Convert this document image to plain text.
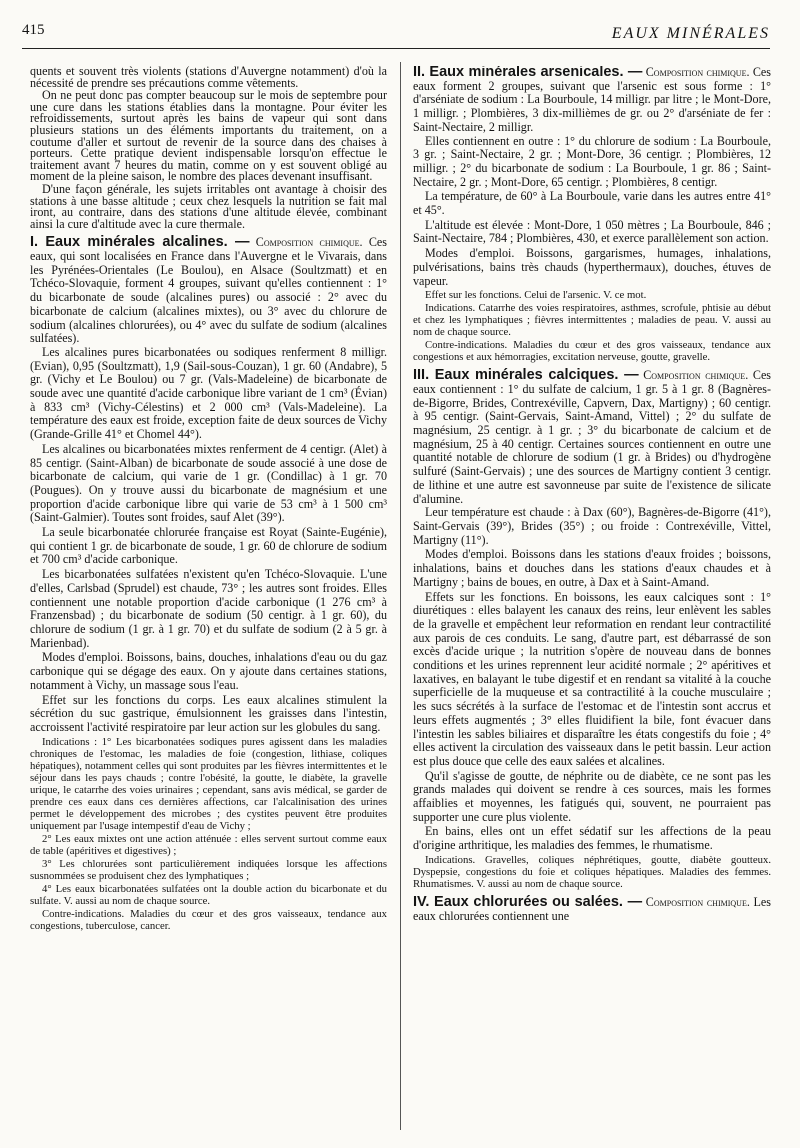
415	EAUX MINÉRALES

quents et souvent très violents (stations d'Auvergne notamment) d'où la nécessité de prendre ses précautions comme vêtements.

On ne peut donc pas compter beaucoup sur le mois de septembre pour une cure dans les stations établies dans la montagne. Pour éviter les refroidissements, surtout après les bains de vapeur qui sont dans plusieurs stations un des éléments importants du traitement, on a coutume d'aller et surtout de revenir de la source dans des chaises à porteurs. Cette pratique devient indispensable lorsqu'on effectue le traitement avant 7 heures du matin, comme on y est souvent obligé au moment de la pleine saison, le nombre des places devenant insuffisant.

D'une façon générale, les sujets irritables ont avantage à choisir des stations à une basse altitude ; ceux chez lesquels la nutrition se fait mal iront, au contraire, dans des stations d'une altitude élevée, combinant ainsi la cure d'altitude avec la cure thermale.

I. Eaux minérales alcalines. — Composition chimique. Ces eaux, qui sont localisées en France dans l'Auvergne et le Vivarais, dans les Pyrénées-Orientales (Le Boulou), en Alsace (Soultzmatt) et en Tchéco-Slovaquie, forment 4 groupes, suivant qu'elles contiennent : 1° du bicarbonate de soude (alcalines pures) ou associé : 2° avec du bicarbonate de calcium (alcalines mixtes), ou 3° avec du chlorure de sodium (alcalines chlorurées), ou 4° avec du sulfate de sodium (alcalines sulfatées).

Les alcalines pures bicarbonatées ou sodiques renferment 8 milligr. (Evian), 0,95 (Soultzmatt), 1,9 (Sail-sous-Couzan), 1 gr. 60 (Andabre), 5 gr. (Vichy et Le Boulou) ou 7 gr. (Vals-Madeleine) de bicarbonate de soude avec une quantité d'acide carbonique libre variant de 1 cm³ (Évian) à 833 cm³ (Vichy-Célestins) et 2 000 cm³ (Vals-Madeleine). La température des eaux est froide, exception faite de deux sources de Vichy (Grande-Grille 41° et Chomel 44°).

Les alcalines ou bicarbonatées mixtes renferment de 4 centigr. (Alet) à 85 centigr. (Saint-Alban) de bicarbonate de soude associé à une dose de bicarbonate de calcium, qui varie de 1 gr. (Condillac) à 1 gr. 70 (Pougues). On y trouve aussi du bicarbonate de magnésium et une proportion d'acide carbonique libre qui varie de 53 cm³ à 1 500 cm³ (Saint-Galmier). Toutes sont froides, sauf Alet (39°).

La seule bicarbonatée chlorurée française est Royat (Sainte-Eugénie), qui contient 1 gr. de bicarbonate de soude, 1 gr. 60 de chlorure de sodium et 700 cm³ d'acide carbonique.

Les bicarbonatées sulfatées n'existent qu'en Tchéco-Slovaquie. L'une d'elles, Carlsbad (Sprudel) est chaude, 73° ; les autres sont froides. Elles contiennent une notable proportion d'acide carbonique (1 276 cm³ à Franzensbad) ; du bicarbonate de sodium (50 centigr. à 1 gr. 60), du chlorure de sodium (1 gr. à 1 gr. 70) et du sulfate de sodium (2 à 5 gr. à Marienbad).

Modes d'emploi. Boissons, bains, douches, inhalations d'eau ou du gaz carbonique qui se dégage des eaux. On y ajoute dans certaines stations, notamment à Vichy, un massage sous l'eau.

Effet sur les fonctions du corps. Les eaux alcalines stimulent la sécrétion du suc gastrique, émulsionnent les graisses dans l'intestin, accroissent l'activité respiratoire par leur action sur les globules du sang.

Indications : 1° Les bicarbonatées sodiques pures agissent dans les maladies chroniques de l'estomac, les maladies de foie (congestion, lithiase, coliques hépatiques), notamment celles qui sont produites par les fièvres intermittentes et le séjour dans les pays chauds ; contre l'obésité, la goutte, le diabète, la gravelle urique, le catarrhe des voies urinaires ; cependant, sans avis médical, se garder de prendre ces eaux dans ces dernières affections, car l'alcalinisation des urines permet le développement des microbes ; des cystites peuvent être produites uniquement par l'usage intempestif d'eau de Vichy ;

2° Les eaux mixtes ont une action atténuée : elles servent surtout comme eaux de table (apéritives et digestives) ;

3° Les chlorurées sont particulièrement indiquées lorsque les affections susnommées se produisent chez des lymphatiques ;

4° Les eaux bicarbonatées sulfatées ont la double action du bicarbonate et du sulfate. V. aussi au nom de chaque source.

Contre-indications. Maladies du cœur et des gros vaisseaux, tendance aux congestions, tuberculose, cancer.

II. Eaux minérales arsenicales. — Composition chimique. Ces eaux forment 2 groupes, suivant que l'arsenic est sous forme : 1° d'arséniate de sodium : La Bourboule, 14 milligr. par litre ; le Mont-Dore, 1 milligr. ; Plombières, 3 dix-millièmes de gr. ou 2° d'arséniate de fer : Saint-Nectaire, 2 milligr.

Elles contiennent en outre : 1° du chlorure de sodium : La Bourboule, 3 gr. ; Saint-Nectaire, 2 gr. ; Mont-Dore, 36 centigr. ; Plombières, 12 milligr. ; 2° du bicarbonate de sodium : La Bourboule, 1 gr. 86 ; Saint-Nectaire, 2 gr. ; Mont-Dore, 65 centigr. ; Plombières, 8 centigr.

La température, de 60° à La Bourboule, varie dans les autres entre 41° et 45°.

L'altitude est élevée : Mont-Dore, 1 050 mètres ; La Bourboule, 846 ; Saint-Nectaire, 784 ; Plombières, 430, et exerce parallèlement son action.

Modes d'emploi. Boissons, gargarismes, humages, inhalations, pulvérisations, bains très chauds (hyperthermaux), douches, étuves de vapeur.

Effet sur les fonctions. Celui de l'arsenic. V. ce mot.

Indications. Catarrhe des voies respiratoires, asthmes, scrofule, phtisie au début et chez les lymphatiques ; fièvres intermittentes ; maladies de peau. V. aussi au nom de chaque source.

Contre-indications. Maladies du cœur et des gros vaisseaux, tendance aux congestions et aux hémorragies, excitation nerveuse, goutte, gravelle.

III. Eaux minérales calciques. — Composition chimique. Ces eaux contiennent : 1° du sulfate de calcium, 1 gr. 5 à 1 gr. 8 (Bagnères-de-Bigorre, Brides, Contrexéville, Capvern, Dax, Martigny) ; 60 centigr. à 95 centigr. (Saint-Gervais, Saint-Amand, Vittel) ; 2° du sulfate de magnésium, 25 centigr. à 1 gr. ; 3° du bicarbonate de calcium et de magnésium, 25 à 40 centigr. Certaines sources contiennent en outre une quantité notable de chlorure de sodium (1 gr. à Brides) ou d'hydrogène sulfuré (Saint-Gervais) ; une des sources de Martigny contient 3 centigr. de lithine et une autre est savonneuse par suite de l'existence de silicate d'alumine.

Leur température est chaude : à Dax (60°), Bagnères-de-Bigorre (41°), Saint-Gervais (39°), Brides (35°) ; ou froide : Contrexéville, Vittel, Martigny (11°).

Modes d'emploi. Boissons dans les stations d'eaux froides ; boissons, inhalations, bains et douches dans les stations d'eaux chaudes et à Martigny ; bains de boues, en outre, à Dax et à Saint-Amand.

Effets sur les fonctions. En boissons, les eaux calciques sont : 1° diurétiques : elles balayent les canaux des reins, leur enlèvent les sables de la gravelle et empêchent leur reformation en rendant leur contractilité aux parois de ces conduits. Le sang, d'autre part, est débarrassé de son excès d'acide urique ; la nutrition s'opère de nouveau dans de bonnes conditions et les urines reprennent leur acidité normale ; 2° apéritives et laxatives, en balayant le tube digestif et en rendant sa vitalité à la couche superficielle de la muqueuse et sa contractilité à la couche musculaire ; les sucs sécrétés à la surface de l'estomac et de l'intestin sont accrus et leurs effets augmentés ; 3° elles fluidifient la bile, font évacuer dans l'intestin les sables biliaires et disparaître les états congestifs du foie ; 4° elles activent la circulation des vaisseaux dans le petit bassin. Leur action est plus douce que celle des eaux salées et alcalines.

Qu'il s'agisse de goutte, de néphrite ou de diabète, ce ne sont pas les grands malades qui doivent se rendre à ces sources, mais les formes affaiblies et moyennes, les fatigués qui, souvent, ne pourraient pas supporter une cure plus violente.

En bains, elles ont un effet sédatif sur les affections de la peau d'origine arthritique, les maladies des femmes, le rhumatisme.

Indications. Gravelles, coliques néphrétiques, goutte, diabète goutteux. Dyspepsie, congestions du foie et coliques hépatiques. Maladies des femmes. Rhumatismes. V. aussi au nom de chaque source.

IV. Eaux chlorurées ou salées. — Composition chimique. Les eaux chlorurées contiennent une
